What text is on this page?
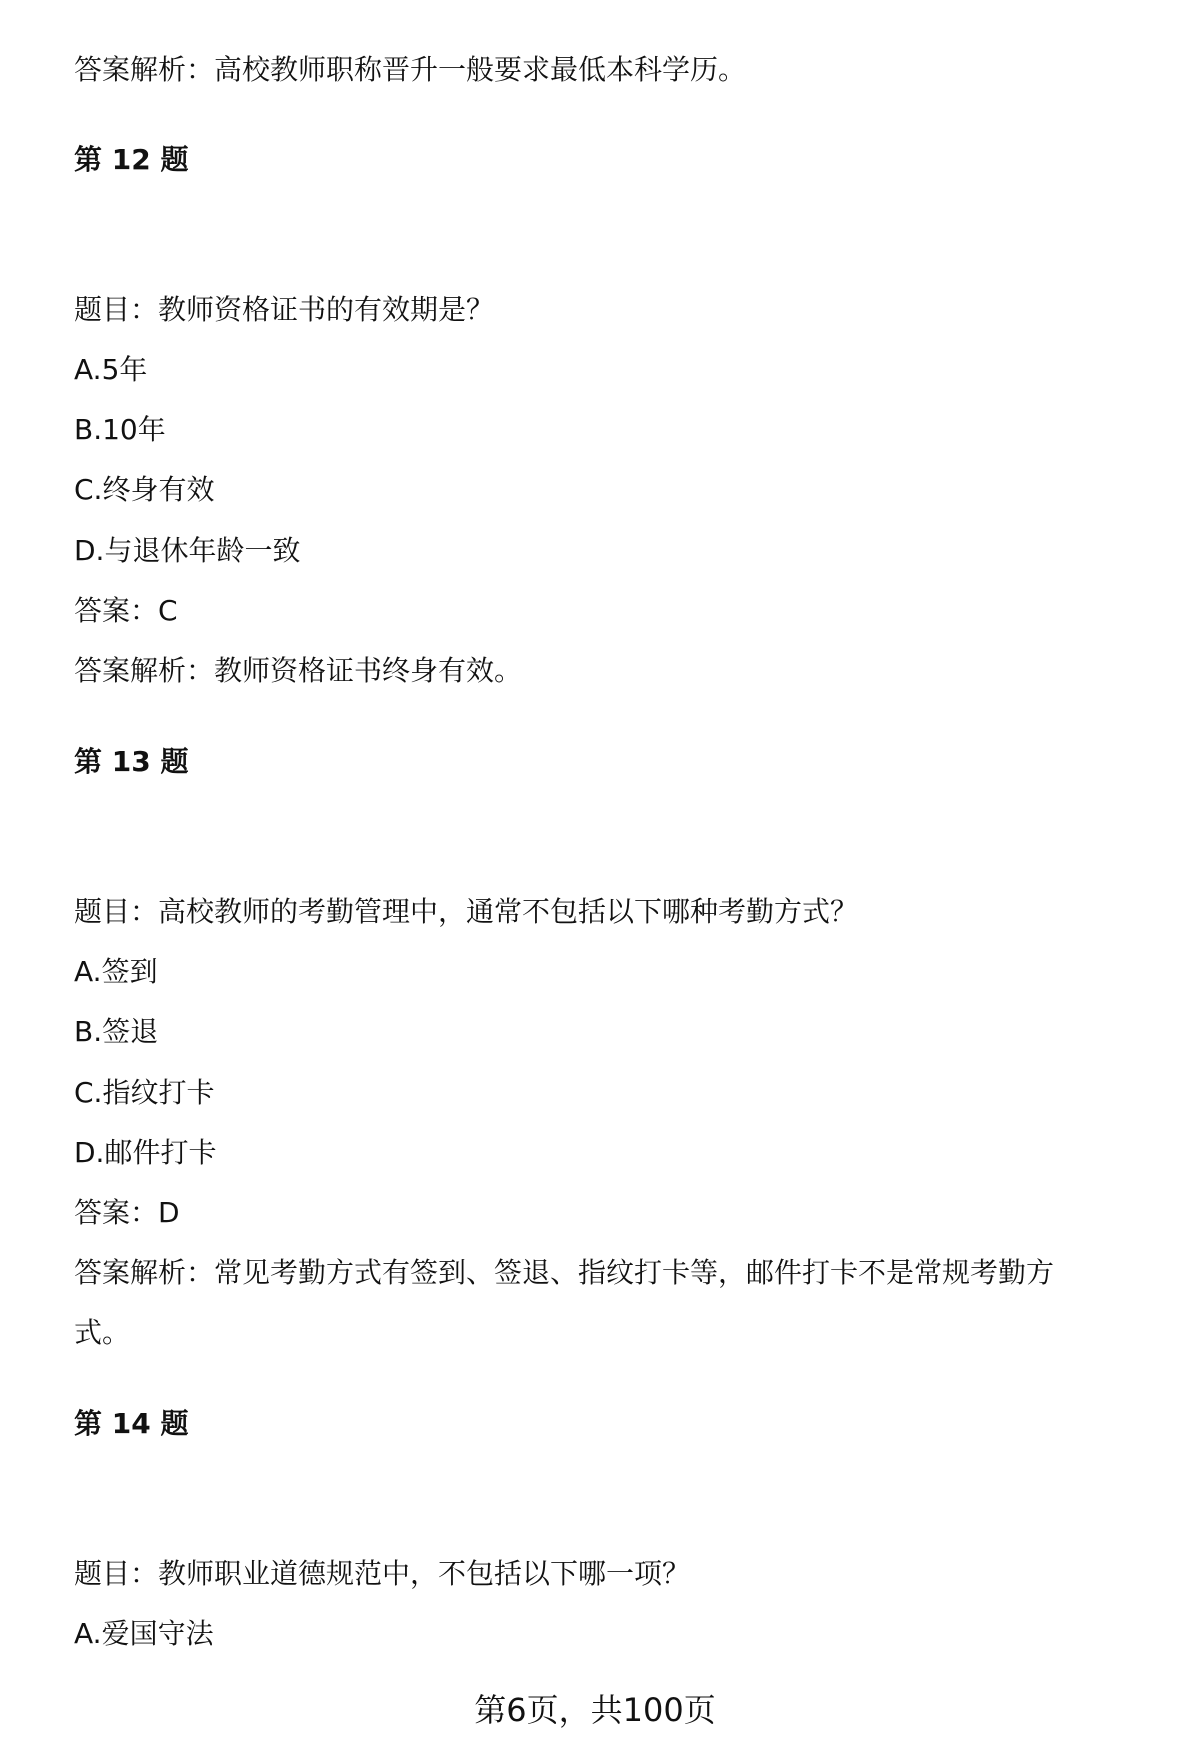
答案解析：高校教师职称晋升一般要求最低本科学历。

第 12 题

题目：教师资格证书的有效期是？

A.5年

B.10年

C.终身有效

D.与退休年龄一致

答案：C

答案解析：教师资格证书终身有效。

第 13 题

题目：高校教师的考勤管理中，通常不包括以下哪种考勤方式？

A.签到

B.签退

C.指纹打卡

D.邮件打卡

答案：D

答案解析：常见考勤方式有签到、签退、指纹打卡等，邮件打卡不是常规考勤方

式。

第 14 题

题目：教师职业道德规范中，不包括以下哪一项？

A.爱国守法

第6页，共100页
